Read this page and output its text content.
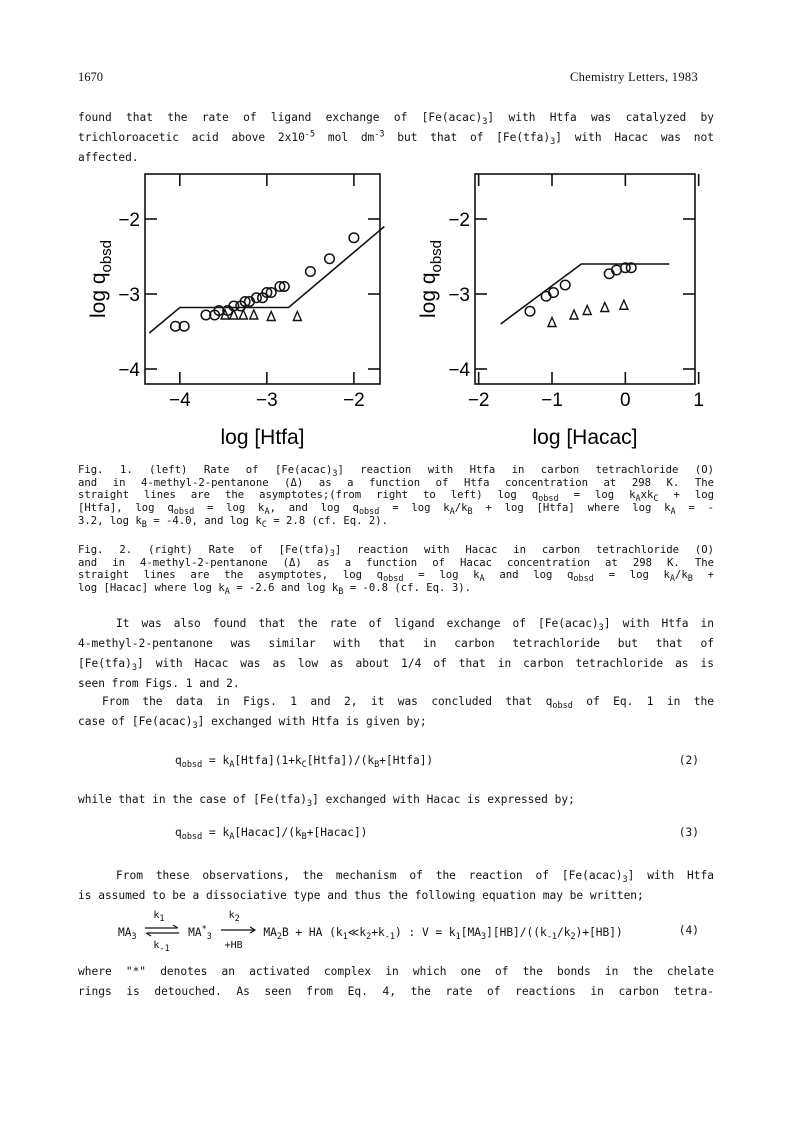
1670	Chemistry Letters, 1983
found that the rate of ligand exchange of $[Fe(acac)_3]$ with Htfa was catalyzed by
trichloroacetic acid above $2x10^{-5}$ mol $dm^{-3}$ but that of $[Fe(tfa)_3]$ with Hacac was not
affected.
−4	−3	−2
−2
−3
−4
log [Htfa]
$\log q_{obsd}$
−2	−1	0	1
−2
−3
−4
log [Hacac]
$\log q_{obsd}$
Fig. 1. (left) Rate of $[Fe(acac)_3]$ reaction with Htfa in carbon tetrachloride (O)
and in 4-methyl-2-pentanone (Δ) as a function of Htfa concentration at 298 K. The
straight lines are the asymptotes;(from right to left) $\log q_{obsd} = \log k_Axk_C + \log$
[Htfa], $\log q_{obsd} = \log k_A$, and $\log q_{obsd} = \log k_A/k_B + \log$ [Htfa] where $\log k_A$ = -
3.2, $\log k_B = -4.0$, and $\log k_C = 2.8$ (cf. Eq. 2).
Fig. 2. (right) Rate of $[Fe(tfa)_3]$ reaction with Hacac in carbon tetrachloride (O)
and in 4-methyl-2-pentanone (Δ) as a function of Hacac concentration at 298 K. The
straight lines are the asymptotes, $\log q_{obsd} = \log k_A$ and $\log q_{obsd} = \log k_A/k_B$ +
log [Hacac] where $\log k_A = -2.6$ and $\log k_B = -0.8$ (cf. Eq. 3).
It was also found that the rate of ligand exchange of $[Fe(acac)_3]$ with Htfa in
4-methyl-2-pentanone was similar with that in carbon tetrachloride but that of
$[Fe(tfa)_3]$ with Hacac was as low as about 1/4 of that in carbon tetrachloride as is
seen from Figs. 1 and 2.
From the data in Figs. 1 and 2, it was concluded that $q_{obsd}$ of Eq. 1 in the
case of $[Fe(acac)_3]$ exchanged with Htfa is given by;
$q_{obsd}$ = $k_A[Htfa](1+k_C[Htfa])/(k_B+[Htfa])$	(2)
while that in the case of $[Fe(tfa)_3]$ exchanged with Hacac is expressed by;
$q_{obsd}$ = $k_A[Hacac]/(k_B+[Hacac])$	(3)
From these observations, the mechanism of the reaction of $[Fe(acac)_3]$ with Htfa
is assumed to be a dissociative type and thus the following equation may be written;
$MA_3$
$k_1$
$k_{-1}$
$MA^*_3$
$k_2$
+HB
$MA_2B$ + HA $(k_1≪k_2+k_{-1})$ : $V = k_1[MA_3][HB]/((k_{-1}/k_2)+[HB])$	(4)
where "*" denotes an activated complex in which one of the bonds in the chelate
rings is detouched. As seen from Eq. 4, the rate of reactions in carbon tetra-
